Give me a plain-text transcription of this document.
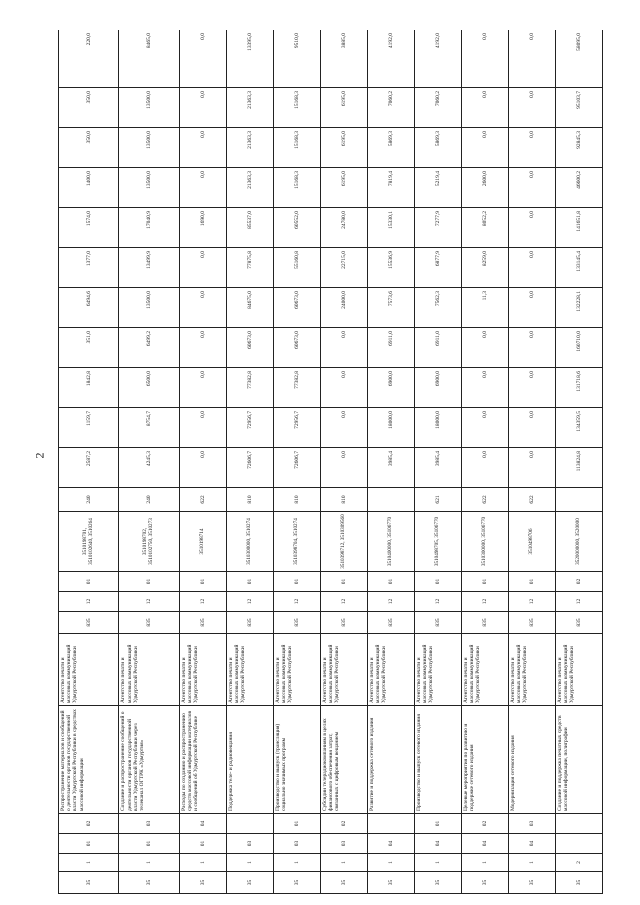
2
35	1	01	02	Распространение материалов и сообщений о деятельности органов государственной власти Удмуртской Республики в средствах массовой информации	Агентство печати и массовых коммуникаций Удмуртской Республики	835	12	01	3510198701, 3510102640, 3510264	240	2587,2	1159,7	1842,8	351,0	6494,6	1377,0	1574,0	1400,0	350,0	350,0	220,0
35	1	01	03	Создание и распространение сообщений о деятельности органов государственной власти Удмуртской Республики через телеканал ОГТРК «Удмуртия»	Агентство печати и массовых коммуникаций Удмуртской Республики	835	12	01	3510198702, 3510102750, 3510273	240	4245,3	8754,7	6500,0	6499,2	13500,0	13499,9	17040,9	13500,0	13500,0	13500,0	8465,0
35	1	01	04	Расходы по созданию и распространению средств массовой информации материалов и сообщений об Удмуртской Республике	Агентство печати и массовых коммуникаций Удмуртской Республики	835	12	01	3510198714	622	0,0	0,0	0,0	0,0	0,0	0,0	1690,0	0,0	0,0	0,0	0,0
35	1	03		Поддержка теле- и радиовещания	Агентство печати и массовых коммуникаций Удмуртской Республики	835	12	01	3510300000, 3510274	810	72606,7	72956,7	77382,8	60673,0	84675,0	77875,8	85537,0	21363,3	21363,3	21363,3	13395,0
35	1	03	01	Производство и выпуск (трансляция) социально значимых программ	Агентство печати и массовых коммуникаций Удмуртской Республики	835	12	01	3510398704, 3510274	810	72606,7	72956,7	77382,8	60673,0	60673,0	55160,8	60552,0	15168,3	15168,3	15168,3	9510,0
35	1	03	02	Субсидии телерадиокомпаниям в целях финансового обеспечения затрат, связанных с цифровым вещанием	Агентство печати и массовых коммуникаций Удмуртской Республики	835	12	01	3510398712, 3510309560	810	0,0	0,0	0,0	0,0	24000,0	22715,0	24780,0	6195,0	6195,0	6195,0	3885,0
35	1	04		Развитие и поддержка сетевого издания	Агентство печати и массовых коммуникаций Удмуртской Республики	835	12	01	3510400000, 35106770		3985,4	18000,0	6900,0	6911,0	7573,6	15536,9	15330,1	7819,4	5869,3	7060,2	4192,0
35	1	04	01	Производство и выпуск сетевого издания	Агентство печати и массовых коммуникаций Удмуртской Республики	835	12	01	3510498705, 35106770	621	3985,4	18000,0	6900,0	6911,0	7562,3	6877,9	7277,9	5219,4	5869,3	7060,2	4192,0
35	1	04	02	Целевые мероприятия по развитию и поддержке сетевого издания	Агентство печати и массовых коммуникаций Удмуртской Республики	835	12	01	3510300000, 35106770	622	0,0	0,0	0,0	0,0	11,3	8259,0	8052,2	2600,0	0,0	0,0	0,0
35	1	04	03	Модернизация сетевого издания	Агентство печати и массовых коммуникаций Удмуртской Республики	835	12	01	3510498706	622	0,0	0,0	0,0	0,0	0,0	0,0	0,0	0,0	0,0	0,0	0,0
35	2			Создание и поддержка печатных средств массовой информации, полиграфии	Агентство печати и массовых коммуникаций Удмуртской Республики	835	12	02	3520000000, 3520000		113824,8	134359,5	131718,6	160710,0	132228,1	133145,4	141651,8	46600,2	92845,3	95103,7	58095,0
